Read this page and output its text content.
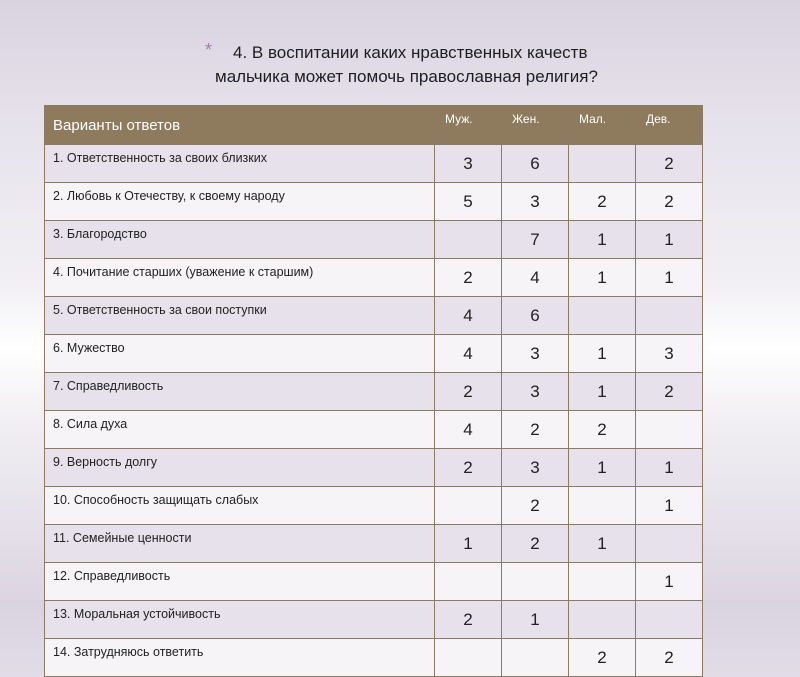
* 4. В воспитании каких нравственных качеств
мальчика может помочь православная религия?
Варианты ответов	Муж.	Жен.	Мал.	Дев.
1. Ответственность за своих близких	3	6		2
2. Любовь к Отечеству, к своему народу	5	3	2	2
3. Благородство		7	1	1
4. Почитание старших (уважение к старшим)	2	4	1	1
5. Ответственность за свои поступки	4	6		
6. Мужество	4	3	1	3
7. Справедливость	2	3	1	2
8. Сила духа	4	2	2	
9. Верность долгу	2	3	1	1
10. Способность защищать слабых		2		1
11. Семейные ценности	1	2	1	
12. Справедливость				1
13. Моральная устойчивость	2	1		
14. Затрудняюсь ответить			2	2
